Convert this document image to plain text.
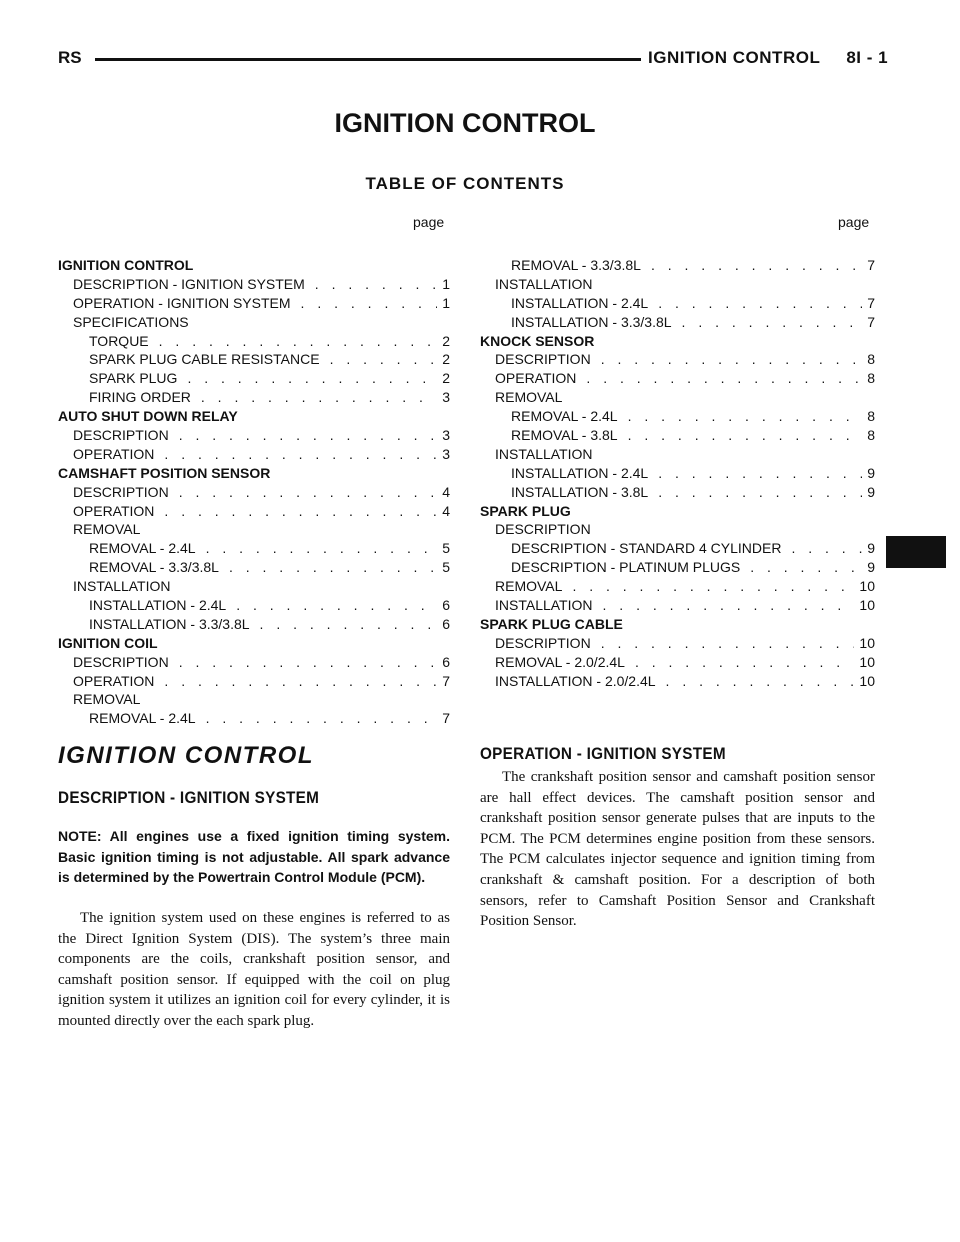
RS	IGNITION CONTROL 8I - 1
IGNITION CONTROL
TABLE OF CONTENTS
page	page
IGNITION CONTROL
DESCRIPTION - IGNITION SYSTEM . . .	1
OPERATION - IGNITION SYSTEM . . .	1
SPECIFICATIONS
TORQUE . . .	2
SPARK PLUG CABLE RESISTANCE . . .	2
SPARK PLUG . . .	2
FIRING ORDER . . .	3
AUTO SHUT DOWN RELAY
DESCRIPTION . . .	3
OPERATION . . .	3
CAMSHAFT POSITION SENSOR
DESCRIPTION . . .	4
OPERATION . . .	4
REMOVAL
REMOVAL - 2.4L . . .	5
REMOVAL - 3.3/3.8L . . .	5
INSTALLATION
INSTALLATION - 2.4L . . .	6
INSTALLATION - 3.3/3.8L . . .	6
IGNITION COIL
DESCRIPTION . . .	6
OPERATION . . .	7
REMOVAL
REMOVAL - 2.4L . . .	7
REMOVAL - 3.3/3.8L . . .	7
INSTALLATION
INSTALLATION - 2.4L . . .	7
INSTALLATION - 3.3/3.8L . . .	7
KNOCK SENSOR
DESCRIPTION . . .	8
OPERATION . . .	8
REMOVAL
REMOVAL - 2.4L . . .	8
REMOVAL - 3.8L . . .	8
INSTALLATION
INSTALLATION - 2.4L . . .	9
INSTALLATION - 3.8L . . .	9
SPARK PLUG
DESCRIPTION
DESCRIPTION - STANDARD 4 CYLINDER . . .	9
DESCRIPTION - PLATINUM PLUGS . . .	9
REMOVAL . . .	10
INSTALLATION . . .	10
SPARK PLUG CABLE
DESCRIPTION . . .	10
REMOVAL - 2.0/2.4L . . .	10
INSTALLATION - 2.0/2.4L . . .	10
IGNITION CONTROL
DESCRIPTION - IGNITION SYSTEM
NOTE: All engines use a fixed ignition timing system. Basic ignition timing is not adjustable. All spark advance is determined by the Powertrain Control Module (PCM).
The ignition system used on these engines is referred to as the Direct Ignition System (DIS). The system’s three main components are the coils, crankshaft position sensor, and camshaft position sensor. If equipped with the coil on plug ignition system it utilizes an ignition coil for every cylinder, it is mounted directly over the each spark plug.
OPERATION - IGNITION SYSTEM
The crankshaft position sensor and camshaft position sensor are hall effect devices. The camshaft position sensor and crankshaft position sensor generate pulses that are inputs to the PCM. The PCM determines engine position from these sensors. The PCM calculates injector sequence and ignition timing from crankshaft & camshaft position. For a description of both sensors, refer to Camshaft Position Sensor and Crankshaft Position Sensor.
